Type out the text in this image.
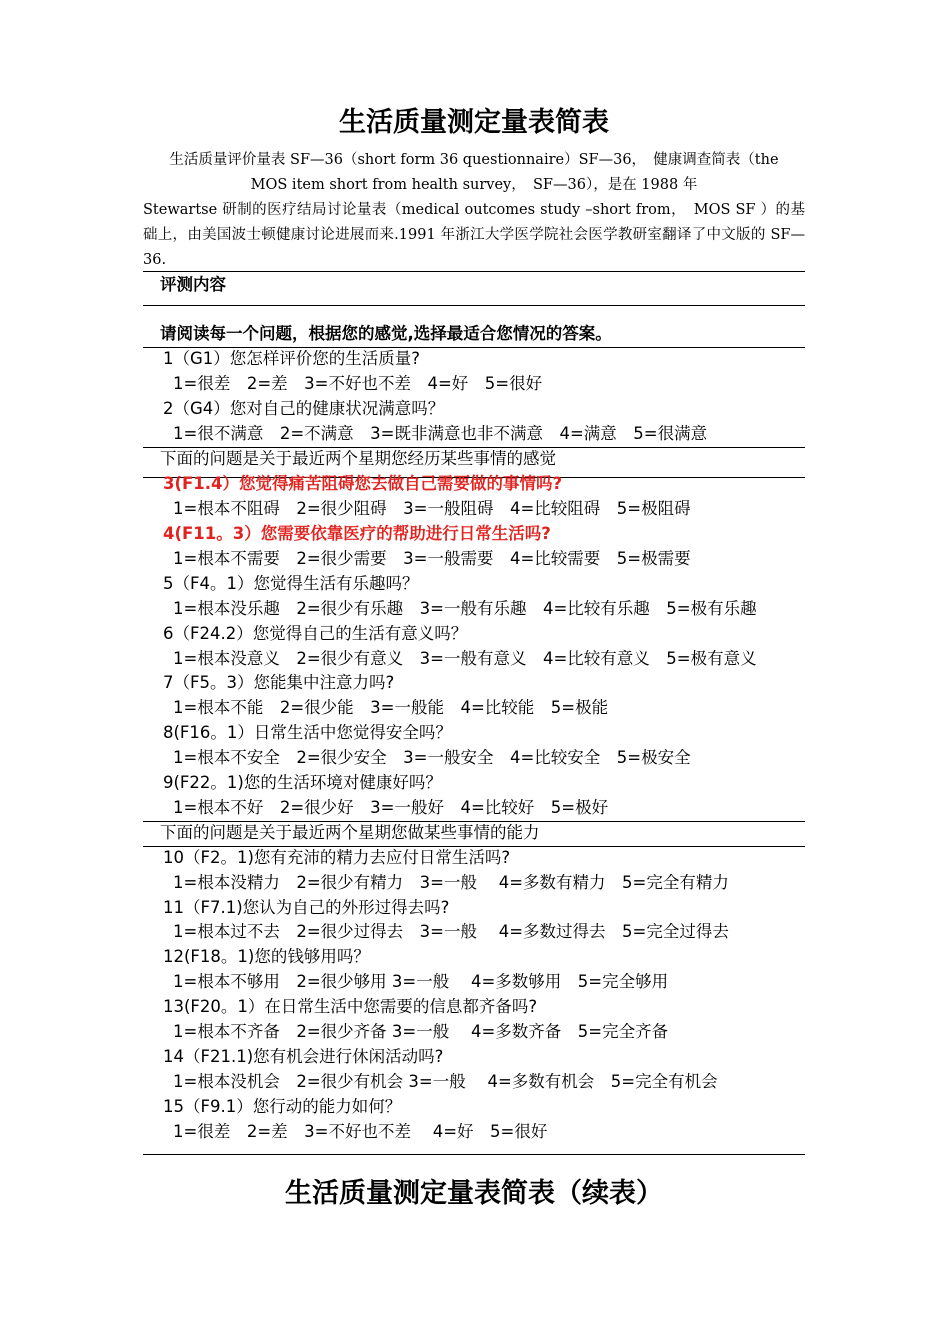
生活质量测定量表简表
生活质量评价量表 SF—36（short form 36 questionnaire）SF—36，　健康调查简表（the
MOS item short from health survey，　SF—36），是在 1988 年
Stewartse 研制的医疗结局讨论量表（medical outcomes study –short from，　MOS SF ）的基础上，由美国波士顿健康讨论进展而来.1991 年浙江大学医学院社会医学教研室翻译了中文版的 SF—36.
评测内容
请阅读每一个问题，根据您的感觉,选择最适合您情况的答案。
1（G1）您怎样评价您的生活质量?
1=很差　2=差　3=不好也不差　4=好　5=很好
2（G4）您对自己的健康状况满意吗？
1=很不满意　2=不满意　3=既非满意也非不满意　4=满意　5=很满意
下面的问题是关于最近两个星期您经历某些事情的感觉
3(F1.4）您觉得痛苦阻碍您去做自己需要做的事情吗?
1=根本不阻碍　2=很少阻碍　3=一般阻碍　4=比较阻碍　5=极阻碍
4(F11。3）您需要依靠医疗的帮助进行日常生活吗?
1=根本不需要　2=很少需要　3=一般需要　4=比较需要　5=极需要
5（F4。1）您觉得生活有乐趣吗？
1=根本没乐趣　2=很少有乐趣　3=一般有乐趣　4=比较有乐趣　5=极有乐趣
6（F24.2）您觉得自己的生活有意义吗？
1=根本没意义　2=很少有意义　3=一般有意义　4=比较有意义　5=极有意义
7（F5。3）您能集中注意力吗?
1=根本不能　2=很少能　3=一般能　4=比较能　5=极能
8(F16。1）日常生活中您觉得安全吗？
1=根本不安全　2=很少安全　3=一般安全　4=比较安全　5=极安全
9(F22。1)您的生活环境对健康好吗？
1=根本不好　2=很少好　3=一般好　4=比较好　5=极好
下面的问题是关于最近两个星期您做某些事情的能力
10（F2。1)您有充沛的精力去应付日常生活吗?
1=根本没精力　2=很少有精力　3=一般　 4=多数有精力　5=完全有精力
11（F7.1)您认为自己的外形过得去吗?
1=根本过不去　2=很少过得去　3=一般　 4=多数过得去　5=完全过得去
12(F18。1)您的钱够用吗？
1=根本不够用　2=很少够用 3=一般　 4=多数够用　5=完全够用
13(F20。1）在日常生活中您需要的信息都齐备吗?
1=根本不齐备　2=很少齐备 3=一般　 4=多数齐备　5=完全齐备
14（F21.1)您有机会进行休闲活动吗?
1=根本没机会　2=很少有机会 3=一般　 4=多数有机会　5=完全有机会
15（F9.1）您行动的能力如何？
1=很差　2=差　3=不好也不差　 4=好　5=很好
生活质量测定量表简表（续表）
